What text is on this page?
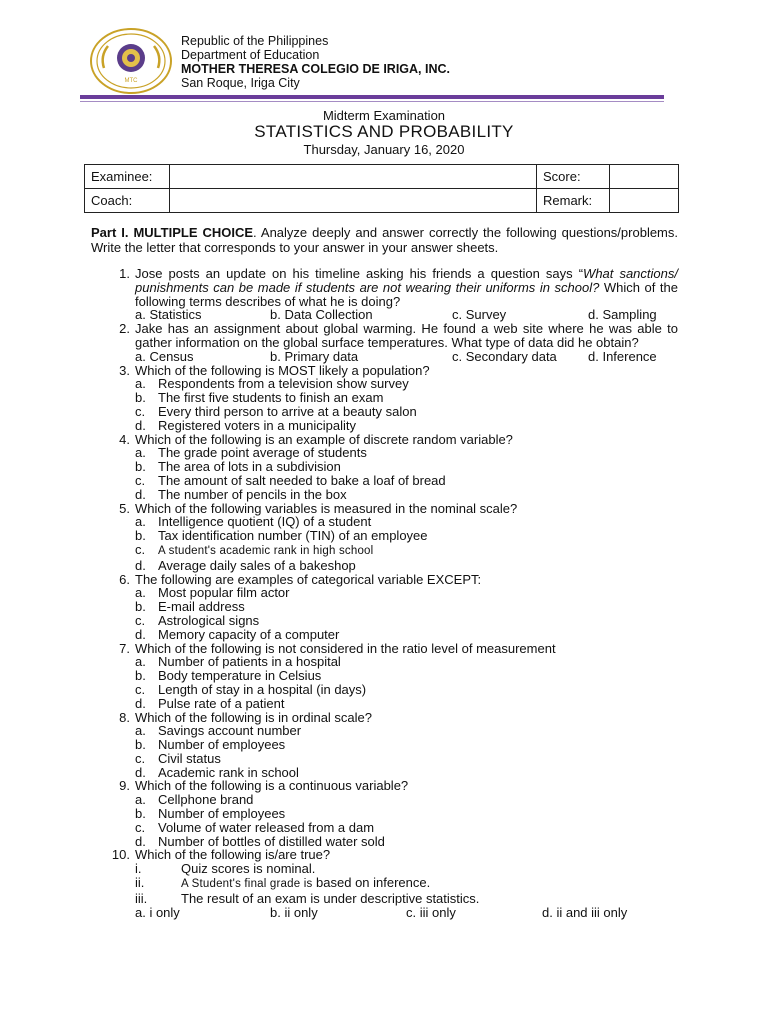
MTC
Republic of the Philippines
Department of Education
MOTHER THERESA COLEGIO DE IRIGA, INC.
San Roque, Iriga City
Midterm Examination
STATISTICS AND PROBABILITY
Thursday, January 16, 2020
Examinee:		Score:	
Coach:		Remark:	
Part I. MULTIPLE CHOICE. Analyze deeply and answer correctly the following questions/problems. Write the letter that corresponds to your answer in your answer sheets.
1. Jose posts an update on his timeline asking his friends a question says “What sanctions/ punishments can be made if students are not wearing their uniforms in school? Which of the following terms describes of what he is doing?
a. Statistics	b. Data Collection	c. Survey	d. Sampling
2. Jake has an assignment about global warming. He found a web site where he was able to gather information on the global surface temperatures. What type of data did he obtain?
a. Census	b. Primary data	c. Secondary data d. Inference
3. Which of the following is MOST likely a population?
a. Respondents from a television show survey
b. The first five students to finish an exam
c. Every third person to arrive at a beauty salon
d. Registered voters in a municipality
4. Which of the following is an example of discrete random variable?
a. The grade point average of students
b. The area of lots in a subdivision
c. The amount of salt needed to bake a loaf of bread
d. The number of pencils in the box
5. Which of the following variables is measured in the nominal scale?
a. Intelligence quotient (IQ) of a student
b. Tax identification number (TIN) of an employee
c. A student's academic rank in high school
d. Average daily sales of a bakeshop
6. The following are examples of categorical variable EXCEPT:
a. Most popular film actor
b. E-mail address
c. Astrological signs
d. Memory capacity of a computer
7. Which of the following is not considered in the ratio level of measurement
a. Number of patients in a hospital
b. Body temperature in Celsius
c. Length of stay in a hospital (in days)
d. Pulse rate of a patient
8. Which of the following is in ordinal scale?
a. Savings account number
b. Number of employees
c. Civil status
d. Academic rank in school
9. Which of the following is a continuous variable?
a. Cellphone brand
b. Number of employees
c. Volume of water released from a dam
d. Number of bottles of distilled water sold
10. Which of the following is/are true?
i.	Quiz scores is nominal.
ii.	A Student's final grade is based on inference.
iii.	The result of an exam is under descriptive statistics.
a. i only	b. ii only	c. iii only	d. ii and iii only
